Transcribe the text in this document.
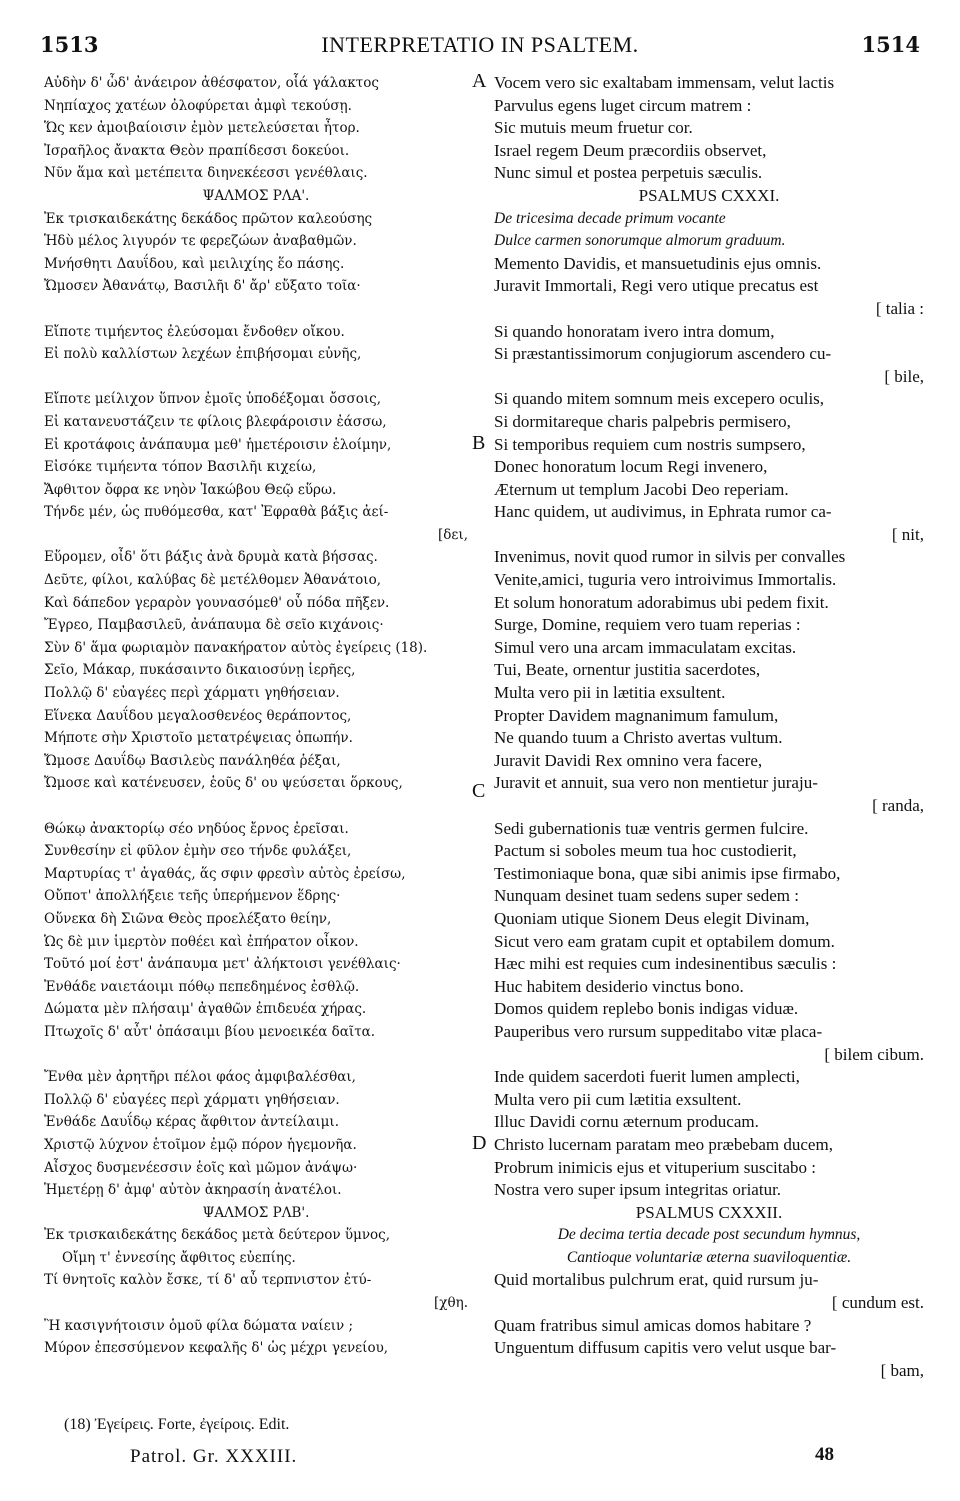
1513	INTERPRETATIO IN PSALTEM.	1514
Αὐδὴν δ' ὧδ' ἀνάειρον ἀθέσφατον, οἷά γάλακτος
Νηπίαχος χατέων ὀλοφύρεται ἀμφὶ τεκούσῃ.
Ὥς κεν ἀμοιβαίοισιν ἐμὸν μετελεύσεται ἦτορ.
Ἰσραῆλος ἄνακτα Θεὸν πραπίδεσσι δοκεύοι.
Νῦν ἅμα καὶ μετέπειτα διηνεκέεσσι γενέθλαις.
ΨΑΛΜΟΣ ΡΛΑ'.
Ἐκ τρισκαιδεκάτης δεκάδος πρῶτον καλεούσης
Ἡδὺ μέλος λιγυρόν τε φερεζώων ἀναβαθμῶν.
Μνήσθητι Δαυΐδου, καὶ μειλιχίης ἕο πάσης.
Ὤμοσεν Ἀθανάτῳ, Βασιλῆι δ' ἄρ' εὔξατο τοῖα·
Εἴποτε τιμήεντος ἐλεύσομαι ἔνδοθεν οἴκου.
Εἰ πολὺ καλλίστων λεχέων ἐπιβήσομαι εὐνῆς,
Εἴποτε μείλιχον ὕπνον ἐμοῖς ὑποδέξομαι ὄσσοις,
Εἰ κατανευστάζειν τε φίλοις βλεφάροισιν ἐάσσω,
Εἰ κροτάφοις ἀνάπαυμα μεθ' ἡμετέροισιν ἑλοίμην,
Εἰσόκε τιμήεντα τόπον Βασιλῆι κιχείω,
Ἄφθιτον ὄφρα κε νηὸν Ἰακώβου Θεῷ εὕρω.
Τήνδε μέν, ὡς πυθόμεσθα, κατ' Ἐφραθὰ βάξις ἀεί-
[δει,
Εὕρομεν, οἶδ' ὅτι βάξις ἀνὰ δρυμὰ κατὰ βήσσας.
Δεῦτε, φίλοι, καλύβας δὲ μετέλθομεν Ἀθανάτοιο,
Καὶ δάπεδον γεραρὸν γουνασόμεθ' οὗ πόδα πῆξεν.
Ἔγρεο, Παμβασιλεῦ, ἀνάπαυμα δὲ σεῖο κιχάνοις·
Σὺν δ' ἅμα φωριαμὸν πανακήρατον αὐτὸς ἐγείρεις (18).
Σεῖο, Μάκαρ, πυκάσαιντο δικαιοσύνῃ ἱερῆες,
Πολλῷ δ' εὐαγέες περὶ χάρματι γηθήσειαν.
Εἵνεκα Δαυΐδου μεγαλοσθενέος θεράποντος,
Μήποτε σὴν Χριστοῖο μετατρέψειας ὀπωπήν.
Ὤμοσε Δαυΐδῳ Βασιλεὺς πανάληθέα ῥέξαι,
Ὤμοσε καὶ κατένευσεν, ἑοῦς δ' ου ψεύσεται ὅρκους,
Θώκῳ ἀνακτορίῳ σέο νηδύος ἔρνος ἐρεῖσαι.
Συνθεσίην εἰ φῦλον ἐμὴν σεο τήνδε φυλάξει,
Μαρτυρίας τ' ἀγαθάς, ἅς σφιν φρεσὶν αὐτὸς ἐρείσω,
Οὔποτ' ἀπολλήξειε τεῆς ὑπερήμενον ἕδρης·
Οὕνεκα δὴ Σιῶνα Θεὸς προελέξατο θείην,
Ὡς δὲ μιν ἱμερτὸν ποθέει καὶ ἐπήρατον οἶκον.
Τοῦτό μοί ἐστ' ἀνάπαυμα μετ' ἀλήκτοισι γενέθλαις·
Ἐνθάδε ναιετάοιμι πόθῳ πεπεδημένος ἐσθλῷ.
Δώματα μὲν πλήσαιμ' ἀγαθῶν ἐπιδευέα χήρας.
Πτωχοῖς δ' αὖτ' ὀπάσαιμι βίου μενοεικέα δαῖτα.
Ἔνθα μὲν ἀρητῆρι πέλοι φάος ἀμφιβαλέσθαι,
Πολλῷ δ' εὐαγέες περὶ χάρματι γηθήσειαν.
Ἐνθάδε Δαυΐδῳ κέρας ἄφθιτον ἀντείλαιμι.
Χριστῷ λύχνον ἑτοῖμον ἐμῷ πόρον ἡγεμονῆα.
Αἶσχος δυσμενέεσσιν ἑοῖς καὶ μῶμον ἀνάψω·
Ἡμετέρῃ δ' ἀμφ' αὐτὸν ἀκηρασίη ἀνατέλοι.
ΨΑΛΜΟΣ ΡΛΒ'.
Ἐκ τρισκαιδεκάτης δεκάδος μετὰ δεύτερον ὕμνος,
Οἴμη τ' ἐννεσίης ἄφθιτος εὐεπίης.
Τί θνητοῖς καλὸν ἔσκε, τί δ' αὖ τερπνιστον ἐτύ-
[χθη.
Ἢ κασιγνήτοισιν ὁμοῦ φίλα δώματα ναίειν ;
Μύρον ἐπεσσύμενον κεφαλῆς δ' ὡς μέχρι γενείου,
A
B
C
D
Vocem vero sic exaltabam immensam, velut lactis
Parvulus egens luget circum matrem :
Sic mutuis meum fruetur cor.
Israel regem Deum præcordiis observet,
Nunc simul et postea perpetuis sæculis.
PSALMUS CXXXI.
De tricesima decade primum vocante
Dulce carmen sonorumque almorum graduum.
Memento Davidis, et mansuetudinis ejus omnis.
Juravit Immortali, Regi vero utique precatus est
[ talia :
Si quando honoratam ivero intra domum,
Si præstantissimorum conjugiorum ascendero cu-
[ bile,
Si quando mitem somnum meis excepero oculis,
Si dormitareque charis palpebris permisero,
Si temporibus requiem cum nostris sumpsero,
Donec honoratum locum Regi invenero,
Æternum ut templum Jacobi Deo reperiam.
Hanc quidem, ut audivimus, in Ephrata rumor ca-
[ nit,
Invenimus, novit quod rumor in silvis per convalles
Venite,amici, tuguria vero introivimus Immortalis.
Et solum honoratum adorabimus ubi pedem fixit.
Surge, Domine, requiem vero tuam reperias :
Simul vero una arcam immaculatam excitas.
Tui, Beate, ornentur justitia sacerdotes,
Multa vero pii in lætitia exsultent.
Propter Davidem magnanimum famulum,
Ne quando tuum a Christo avertas vultum.
Juravit Davidi Rex omnino vera facere,
Juravit et annuit, sua vero non mentietur juraju-
[ randa,
Sedi gubernationis tuæ ventris germen fulcire.
Pactum si soboles meum tua hoc custodierit,
Testimoniaque bona, quæ sibi animis ipse firmabo,
Nunquam desinet tuam sedens super sedem :
Quoniam utique Sionem Deus elegit Divinam,
Sicut vero eam gratam cupit et optabilem domum.
Hæc mihi est requies cum indesinentibus sæculis :
Huc habitem desiderio vinctus bono.
Domos quidem replebo bonis indigas viduæ.
Pauperibus vero rursum suppeditabo vitæ placa-
[ bilem cibum.
Inde quidem sacerdoti fuerit lumen amplecti,
Multa vero pii cum lætitia exsultent.
Illuc Davidi cornu æternum producam.
Christo lucernam paratam meo præbebam ducem,
Probrum inimicis ejus et vituperium suscitabo :
Nostra vero super ipsum integritas oriatur.
PSALMUS CXXXII.
De decima tertia decade post secundum hymnus,
Cantioque voluntariæ æterna suaviloquentiæ.
Quid mortalibus pulchrum erat, quid rursum ju-
[ cundum est.
Quam fratribus simul amicas domos habitare ?
Unguentum diffusum capitis vero velut usque bar-
[ bam,
(18) Ἐγείρεις. Forte, ἐγείροις. Edit.
Patrol. Gr. XXXIII.	48
